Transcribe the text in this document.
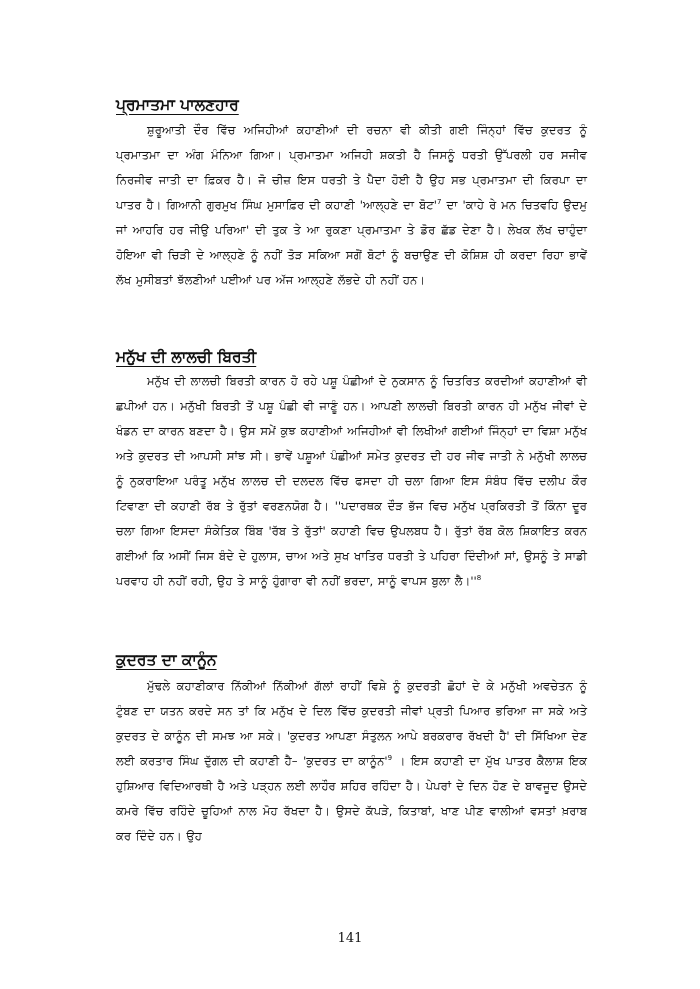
ਪ੍ਰਮਾਤਮਾ ਪਾਲਣਹਾਰ

ਸ਼ੁਰੂਆਤੀ ਦੌਰ ਵਿੱਚ ਅਜਿਹੀਆਂ ਕਹਾਣੀਆਂ ਦੀ ਰਚਨਾ ਵੀ ਕੀਤੀ ਗਈ ਜਿੰਨ੍ਹਾਂ ਵਿੱਚ ਕੁਦਰਤ ਨੂੰ ਪ੍ਰਮਾਤਮਾ ਦਾ ਅੰਗ ਮੰਨਿਆ ਗਿਆ। ਪ੍ਰਮਾਤਮਾ ਅਜਿਹੀ ਸ਼ਕਤੀ ਹੈ ਜਿਸਨੂੰ ਧਰਤੀ ਉੱਪਰਲੀ ਹਰ ਸਜੀਵ ਨਿਰਜੀਵ ਜਾਤੀ ਦਾ ਫ਼ਿਕਰ ਹੈ। ਜੋ ਚੀਜ਼ ਇਸ ਧਰਤੀ ਤੇ ਪੈਦਾ ਹੋਈ ਹੈ ਉਹ ਸਭ ਪ੍ਰਮਾਤਮਾ ਦੀ ਕਿਰਪਾ ਦਾ ਪਾਤਰ ਹੈ। ਗਿਆਨੀ ਗੁਰਮੁਖ ਸਿੰਘ ਮੁਸਾਫ਼ਿਰ ਦੀ ਕਹਾਣੀ 'ਆਲ੍ਹਣੇ ਦਾ $ਬੋਟ'^7$ ਦਾ 'ਕਾਹੇ ਰੇ ਮਨ ਚਿਤਵਹਿ ਉਦਮੁ ਜਾਂ ਆਹਰਿ ਹਰ ਜੀਉ ਪਰਿਆ' ਦੀ ਤੁਕ ਤੇ ਆ ਰੁਕਣਾ ਪ੍ਰਮਾਤਮਾ ਤੇ ਡੋਰ ਛੱਡ ਦੇਣਾ ਹੈ। ਲੇਖਕ ਲੱਖ ਚਾਹੁੰਦਾ ਹੋਇਆ ਵੀ ਚਿੜੀ ਦੇ ਆਲ੍ਹਣੇ ਨੂੰ ਨਹੀਂ ਤੋੜ ਸਕਿਆ ਸਗੋਂ ਬੋਟਾਂ ਨੂੰ ਬਚਾਉਣ ਦੀ ਕੋਸ਼ਿਸ਼ ਹੀ ਕਰਦਾ ਰਿਹਾ ਭਾਵੇਂ ਲੱਖ ਮੁਸੀਬਤਾਂ ਝੱਲਣੀਆਂ ਪਈਆਂ ਪਰ ਅੱਜ ਆਲ੍ਹਣੇ ਲੱਭਦੇ ਹੀ ਨਹੀਂ ਹਨ।

ਮਨੁੱਖ ਦੀ ਲਾਲਚੀ ਬਿਰਤੀ

ਮਨੁੱਖ ਦੀ ਲਾਲਚੀ ਬਿਰਤੀ ਕਾਰਨ ਹੋ ਰਹੇ ਪਸ਼ੂ ਪੰਛੀਆਂ ਦੇ ਨੁਕਸਾਨ ਨੂੰ ਚਿਤਰਿਤ ਕਰਦੀਆਂ ਕਹਾਣੀਆਂ ਵੀ ਛਪੀਆਂ ਹਨ। ਮਨੁੱਖੀ ਬਿਰਤੀ ਤੋਂ ਪਸ਼ੂ ਪੰਛੀ ਵੀ ਜਾਣੂੰ ਹਨ। ਆਪਣੀ ਲਾਲਚੀ ਬਿਰਤੀ ਕਾਰਨ ਹੀ ਮਨੁੱਖ ਜੀਵਾਂ ਦੇ ਖੰਡਨ ਦਾ ਕਾਰਨ ਬਣਦਾ ਹੈ। ਉਸ ਸਮੇਂ ਕੁਝ ਕਹਾਣੀਆਂ ਅਜਿਹੀਆਂ ਵੀ ਲਿਖੀਆਂ ਗਈਆਂ ਜਿੰਨ੍ਹਾਂ ਦਾ ਵਿਸ਼ਾ ਮਨੁੱਖ ਅਤੇ ਕੁਦਰਤ ਦੀ ਆਪਸੀ ਸਾਂਝ ਸੀ। ਭਾਵੇਂ ਪਸ਼ੂਆਂ ਪੰਛੀਆਂ ਸਮੇਤ ਕੁਦਰਤ ਦੀ ਹਰ ਜੀਵ ਜਾਤੀ ਨੇ ਮਨੁੱਖੀ ਲਾਲਚ ਨੂੰ ਨੁਕਰਾਇਆ ਪਰੰਤੂ ਮਨੁੱਖ ਲਾਲਚ ਦੀ ਦਲਦਲ ਵਿੱਚ ਫਸਦਾ ਹੀ ਚਲਾ ਗਿਆ ਇਸ ਸੰਬੰਧ ਵਿੱਚ ਦਲੀਪ ਕੌਰ ਟਿਵਾਣਾ ਦੀ ਕਹਾਣੀ ਰੱਬ ਤੇ ਰੁੱਤਾਂ ਵਰਣਨਯੋਗ ਹੈ। ''ਪਦਾਰਥਕ ਦੌੜ ਭੱਜ ਵਿਚ ਮਨੁੱਖ ਪ੍ਰਕਿਰਤੀ ਤੋਂ ਕਿੰਨਾ ਦੂਰ ਚਲਾ ਗਿਆ ਇਸਦਾ ਸੰਕੇਤਿਕ ਬਿੰਬ 'ਰੱਬ ਤੇ ਰੁੱਤਾਂ' ਕਹਾਣੀ ਵਿਚ ਉਪਲਬਧ ਹੈ। ਰੁੱਤਾਂ ਰੱਬ ਕੋਲ ਸ਼ਿਕਾਇਤ ਕਰਨ ਗਈਆਂ ਕਿ ਅਸੀਂ ਜਿਸ ਬੰਦੇ ਦੇ ਹੁਲਾਸ, ਚਾਅ ਅਤੇ ਸੁਖ ਖਾਤਿਰ ਧਰਤੀ ਤੇ ਪਹਿਰਾ ਦਿੰਦੀਆਂ ਸਾਂ, ਉਸਨੂੰ ਤੇ ਸਾਡੀ ਪਰਵਾਹ ਹੀ ਨਹੀਂ ਰਹੀ, ਉਹ ਤੇ ਸਾਨੂੰ ਹੁੰਗਾਰਾ ਵੀ ਨਹੀਂ ਭਰਦਾ, ਸਾਨੂੰ ਵਾਪਸ ਬੁਲਾ $ਲੈ।''^8$

ਕੁਦਰਤ ਦਾ ਕਾਨੂੰਨ

ਮੁੱਢਲੇ ਕਹਾਣੀਕਾਰ ਨਿੱਕੀਆਂ ਨਿੱਕੀਆਂ ਗੱਲਾਂ ਰਾਹੀਂ ਵਿਸ਼ੇ ਨੂੰ ਕੁਦਰਤੀ ਛੋਹਾਂ ਦੇ ਕੇ ਮਨੁੱਖੀ ਅਵਚੇਤਨ ਨੂੰ ਟੁੰਬਣ ਦਾ ਯਤਨ ਕਰਦੇ ਸਨ ਤਾਂ ਕਿ ਮਨੁੱਖ ਦੇ ਦਿਲ ਵਿੱਚ ਕੁਦਰਤੀ ਜੀਵਾਂ ਪ੍ਰਤੀ ਪਿਆਰ ਭਰਿਆ ਜਾ ਸਕੇ ਅਤੇ ਕੁਦਰਤ ਦੇ ਕਾਨੂੰਨ ਦੀ ਸਮਝ ਆ ਸਕੇ। 'ਕੁਦਰਤ ਆਪਣਾ ਸੰਤੁਲਨ ਆਪੇ ਬਰਕਰਾਰ ਰੱਖਦੀ ਹੈ' ਦੀ ਸਿੱਖਿਆ ਦੇਣ ਲਈ ਕਰਤਾਰ ਸਿੰਘ ਦੁੱਗਲ ਦੀ ਕਹਾਣੀ ਹੈ– 'ਕੁਦਰਤ ਦਾ $ਕਾਨੂੰਨ'^9$ । ਇਸ ਕਹਾਣੀ ਦਾ ਮੁੱਖ ਪਾਤਰ ਕੈਲਾਸ਼ ਇਕ ਹੁਸ਼ਿਆਰ ਵਿਦਿਆਰਥੀ ਹੈ ਅਤੇ ਪੜ੍ਹਨ ਲਈ ਲਾਹੌਰ ਸ਼ਹਿਰ ਰਹਿੰਦਾ ਹੈ। ਪੇਪਰਾਂ ਦੇ ਦਿਨ ਹੋਣ ਦੇ ਬਾਵਜੂਦ ਉਸਦੇ ਕਮਰੇ ਵਿੱਚ ਰਹਿੰਦੇ ਚੂਹਿਆਂ ਨਾਲ ਮੋਹ ਰੱਖਦਾ ਹੈ। ਉਸਦੇ ਕੱਪੜੇ, ਕਿਤਾਬਾਂ, ਖਾਣ ਪੀਣ ਵਾਲੀਆਂ ਵਸਤਾਂ ਖ਼ਰਾਬ ਕਰ ਦਿੰਦੇ ਹਨ। ਉਹ

141
